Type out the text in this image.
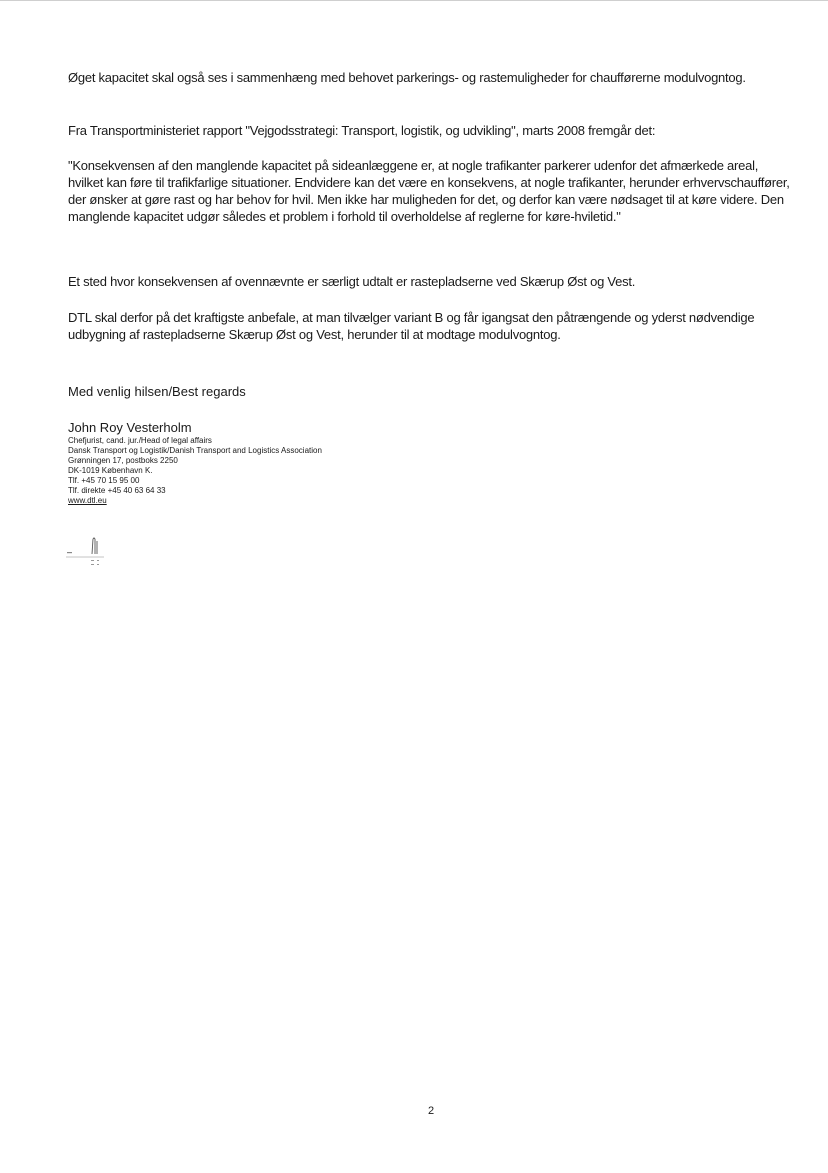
Øget kapacitet skal også ses i sammenhæng med behovet parkerings- og rastemuligheder for chaufførerne modulvogntog.

Fra Transportministeriet rapport "Vejgodsstrategi: Transport, logistik, og udvikling", marts 2008 fremgår det:

"Konsekvensen af den manglende kapacitet på sideanlæggene er, at nogle trafikanter parkerer udenfor det afmærkede areal, hvilket kan føre til trafikfarlige situationer. Endvidere kan det være en konsekvens, at nogle trafikanter, herunder erhvervschauffører, der ønsker at gøre rast og har behov for hvil. Men ikke har muligheden for det, og derfor kan være nødsaget til at køre videre. Den manglende kapacitet udgør således et problem i forhold til overholdelse af reglerne for køre-hviletid."

Et sted hvor konsekvensen af ovennævnte er særligt udtalt er rastepladserne ved Skærup Øst og Vest.

DTL skal derfor på det kraftigste anbefale, at man tilvælger variant B og får igangsat den påtrængende og yderst nødvendige udbygning af rastepladserne Skærup Øst og Vest, herunder til at modtage modulvogntog.

Med venlig hilsen/Best regards

John Roy Vesterholm
Chefjurist, cand. jur./Head of legal affairs
Dansk Transport og Logistik/Danish Transport and Logistics Association
Grønningen 17, postboks 2250
DK-1019 København K.
Tlf. +45 70 15 95 00
Tlf. direkte +45 40 63 64 33
www.dtl.eu

2
